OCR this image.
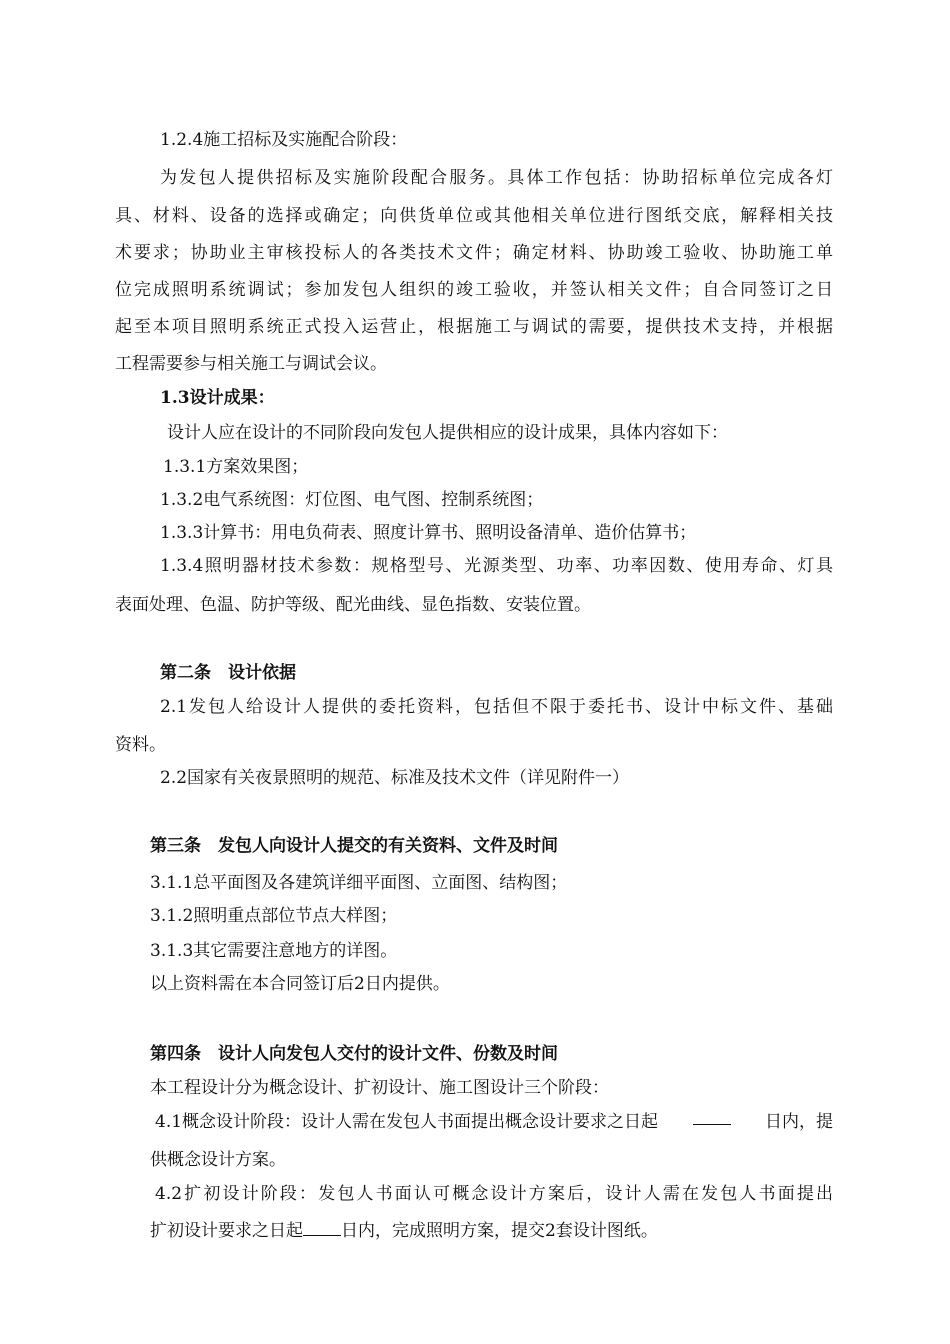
1.2.4施工招标及实施配合阶段：
为发包人提供招标及实施阶段配合服务。具体工作包括：协助招标单位完成各灯
具、材料、设备的选择或确定；向供货单位或其他相关单位进行图纸交底，解释相关技
术要求；协助业主审核投标人的各类技术文件；确定材料、协助竣工验收、协助施工单
位完成照明系统调试；参加发包人组织的竣工验收，并签认相关文件；自合同签订之日
起至本项目照明系统正式投入运营止，根据施工与调试的需要，提供技术支持，并根据
工程需要参与相关施工与调试会议。
1.3设计成果：
设计人应在设计的不同阶段向发包人提供相应的设计成果，具体内容如下：
1.3.1方案效果图；
1.3.2电气系统图：灯位图、电气图、控制系统图；
1.3.3计算书：用电负荷表、照度计算书、照明设备清单、造价估算书；
1.3.4照明器材技术参数：规格型号、光源类型、功率、功率因数、使用寿命、灯具
表面处理、色温、防护等级、配光曲线、显色指数、安装位置。
第二条　设计依据
2.1发包人给设计人提供的委托资料，包括但不限于委托书、设计中标文件、基础
资料。
2.2国家有关夜景照明的规范、标准及技术文件（详见附件一）
第三条　发包人向设计人提交的有关资料、文件及时间
3.1.1总平面图及各建筑详细平面图、立面图、结构图；
3.1.2照明重点部位节点大样图；
3.1.3其它需要注意地方的详图。
以上资料需在本合同签订后2日内提供。
第四条　设计人向发包人交付的设计文件、份数及时间
本工程设计分为概念设计、扩初设计、施工图设计三个阶段：
4.1概念设计阶段：设计人需在发包人书面提出概念设计要求之日起	日内，提
供概念设计方案。
4.2扩初设计阶段：发包人书面认可概念设计方案后，设计人需在发包人书面提出
扩初设计要求之日起 日内，完成照明方案，提交2套设计图纸。
